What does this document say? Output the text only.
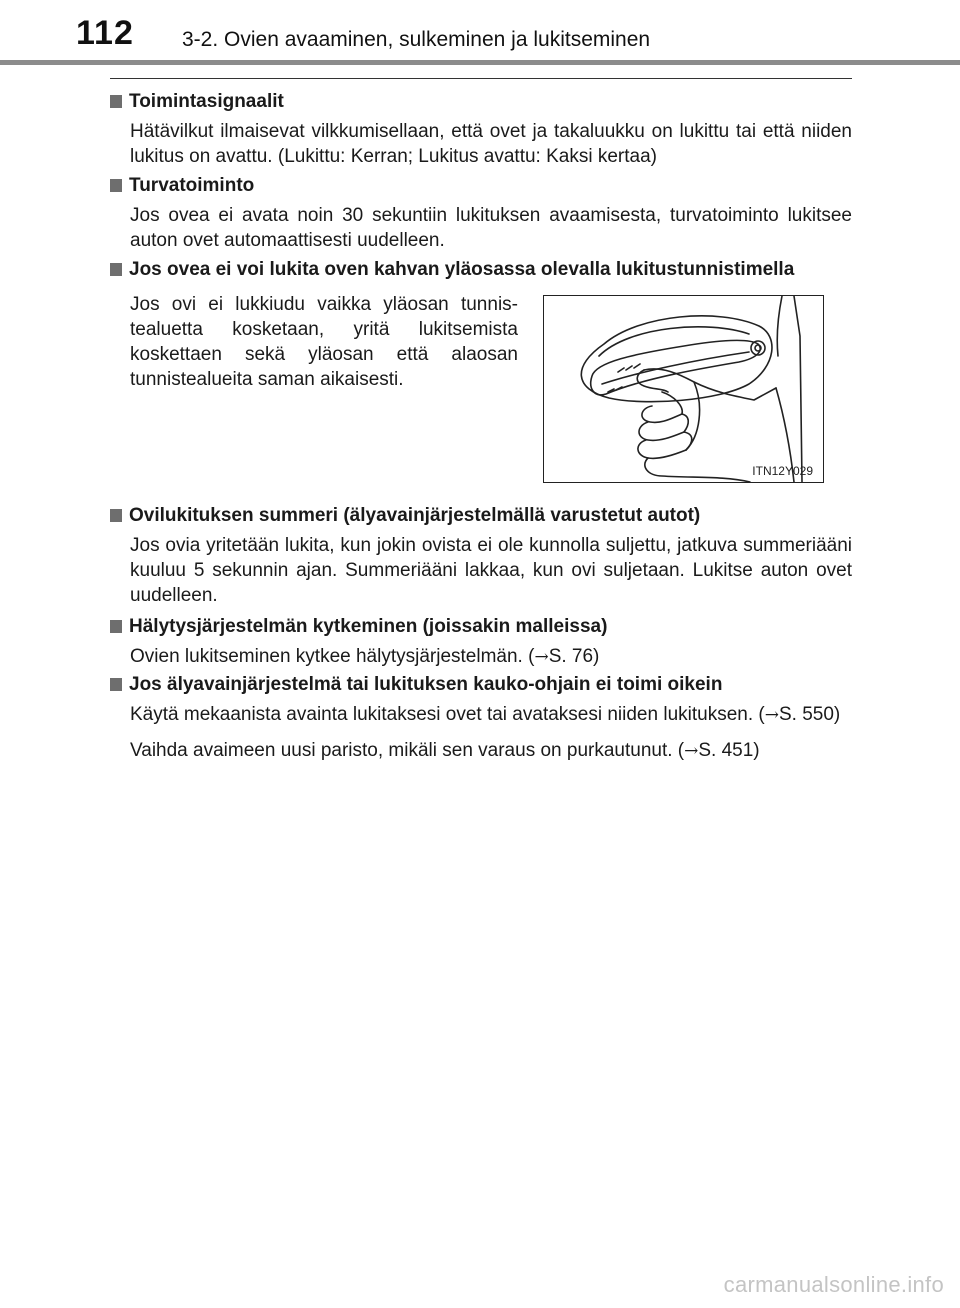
112 3-2. Ovien avaaminen, sulkeminen ja lukitseminen
Toimintasignaalit
Hätävilkut ilmaisevat vilkkumisellaan, että ovet ja takaluukku on lukittu tai että niiden lukitus on avattu. (Lukittu: Kerran; Lukitus avattu: Kaksi kertaa)
Turvatoiminto
Jos ovea ei avata noin 30 sekuntiin lukituksen avaamisesta, turvatoiminto lukitsee auton ovet automaattisesti uudelleen.
Jos ovea ei voi lukita oven kahvan yläosassa olevalla lukitustunnistimella
Jos ovi ei lukkiudu vaikka yläosan tunnistealuetta kosketaan, yritä lukitsemista koskettaen sekä yläosan että alaosan tunnistealueita saman aikaisesti.
ITN12Y029
Ovilukituksen summeri (älyavainjärjestelmällä varustetut autot)
Jos ovia yritetään lukita, kun jokin ovista ei ole kunnolla suljettu, jatkuva summeriääni kuuluu 5 sekunnin ajan. Summeriääni lakkaa, kun ovi suljetaan. Lukitse auton ovet uudelleen.
Hälytysjärjestelmän kytkeminen (joissakin malleissa)
Ovien lukitseminen kytkee hälytysjärjestelmän. (→S. 76)
Jos älyavainjärjestelmä tai lukituksen kauko-ohjain ei toimi oikein
Käytä mekaanista avainta lukitaksesi ovet tai avataksesi niiden lukituksen. (→S. 550)
Vaihda avaimeen uusi paristo, mikäli sen varaus on purkautunut. (→S. 451)
carmanualsonline.info
